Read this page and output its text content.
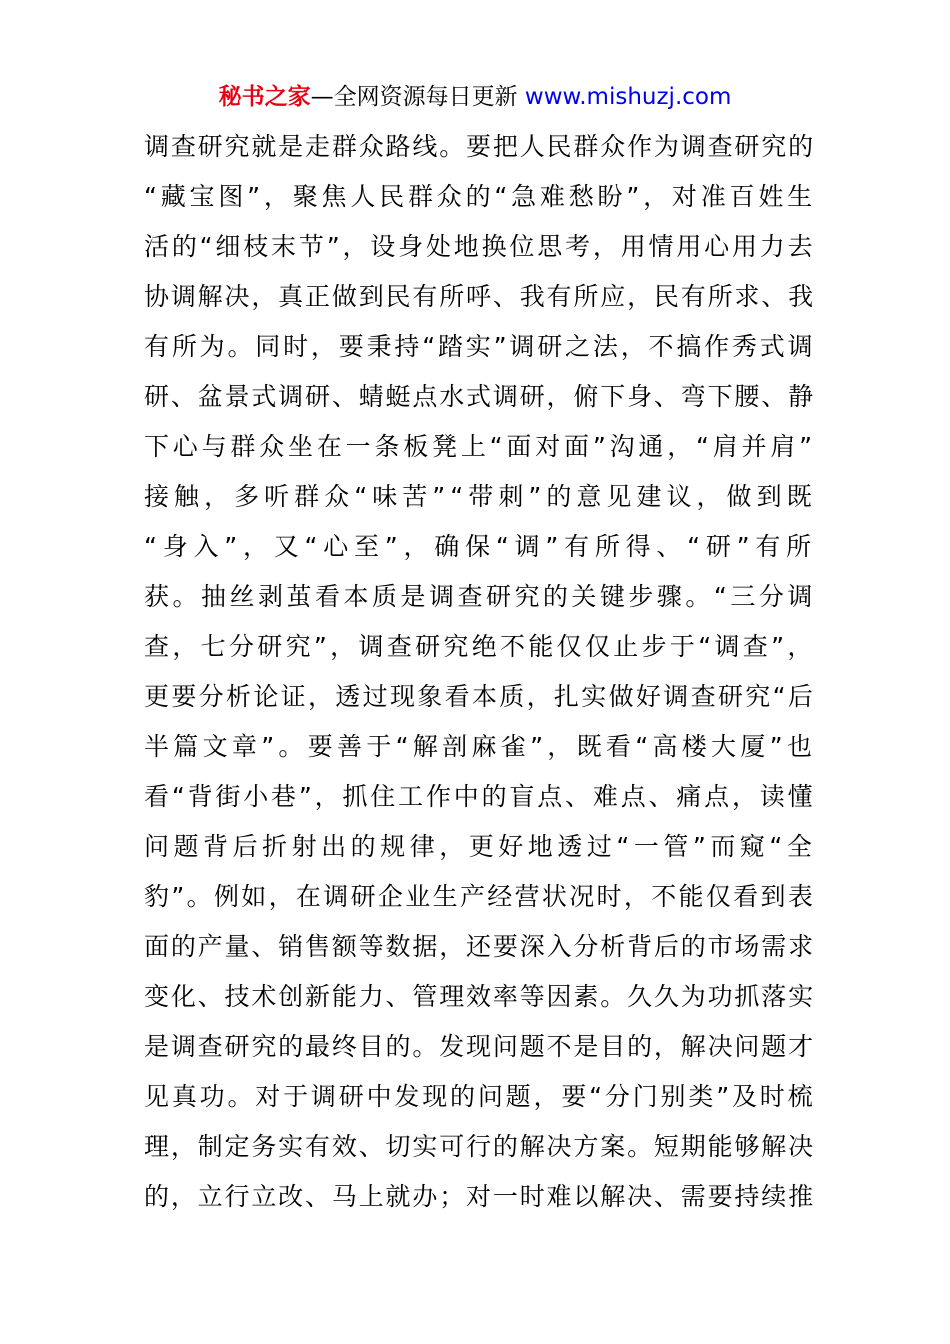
秘书之家—全网资源每日更新 www.mishuzj.com
调查研究就是走群众路线。要把人民群众作为调查研究的
“藏宝图”，聚焦人民群众的“急难愁盼”，对准百姓生
活的“细枝末节”，设身处地换位思考，用情用心用力去
协调解决，真正做到民有所呼、我有所应，民有所求、我
有所为。同时，要秉持“踏实”调研之法，不搞作秀式调
研、盆景式调研、蜻蜓点水式调研，俯下身、弯下腰、静
下心与群众坐在一条板凳上“面对面”沟通，“肩并肩”
接触，多听群众“味苦”“带刺”的意见建议，做到既
“身入”，又“心至”，确保“调”有所得、“研”有所
获。抽丝剥茧看本质是调查研究的关键步骤。“三分调
查，七分研究”，调查研究绝不能仅仅止步于“调查”，
更要分析论证，透过现象看本质，扎实做好调查研究“后
半篇文章”。要善于“解剖麻雀”，既看“高楼大厦”也
看“背街小巷”，抓住工作中的盲点、难点、痛点，读懂
问题背后折射出的规律，更好地透过“一管”而窥“全
豹”。例如，在调研企业生产经营状况时，不能仅看到表
面的产量、销售额等数据，还要深入分析背后的市场需求
变化、技术创新能力、管理效率等因素。久久为功抓落实
是调查研究的最终目的。发现问题不是目的，解决问题才
见真功。对于调研中发现的问题，要“分门别类”及时梳
理，制定务实有效、切实可行的解决方案。短期能够解决
的，立行立改、马上就办；对一时难以解决、需要持续推
